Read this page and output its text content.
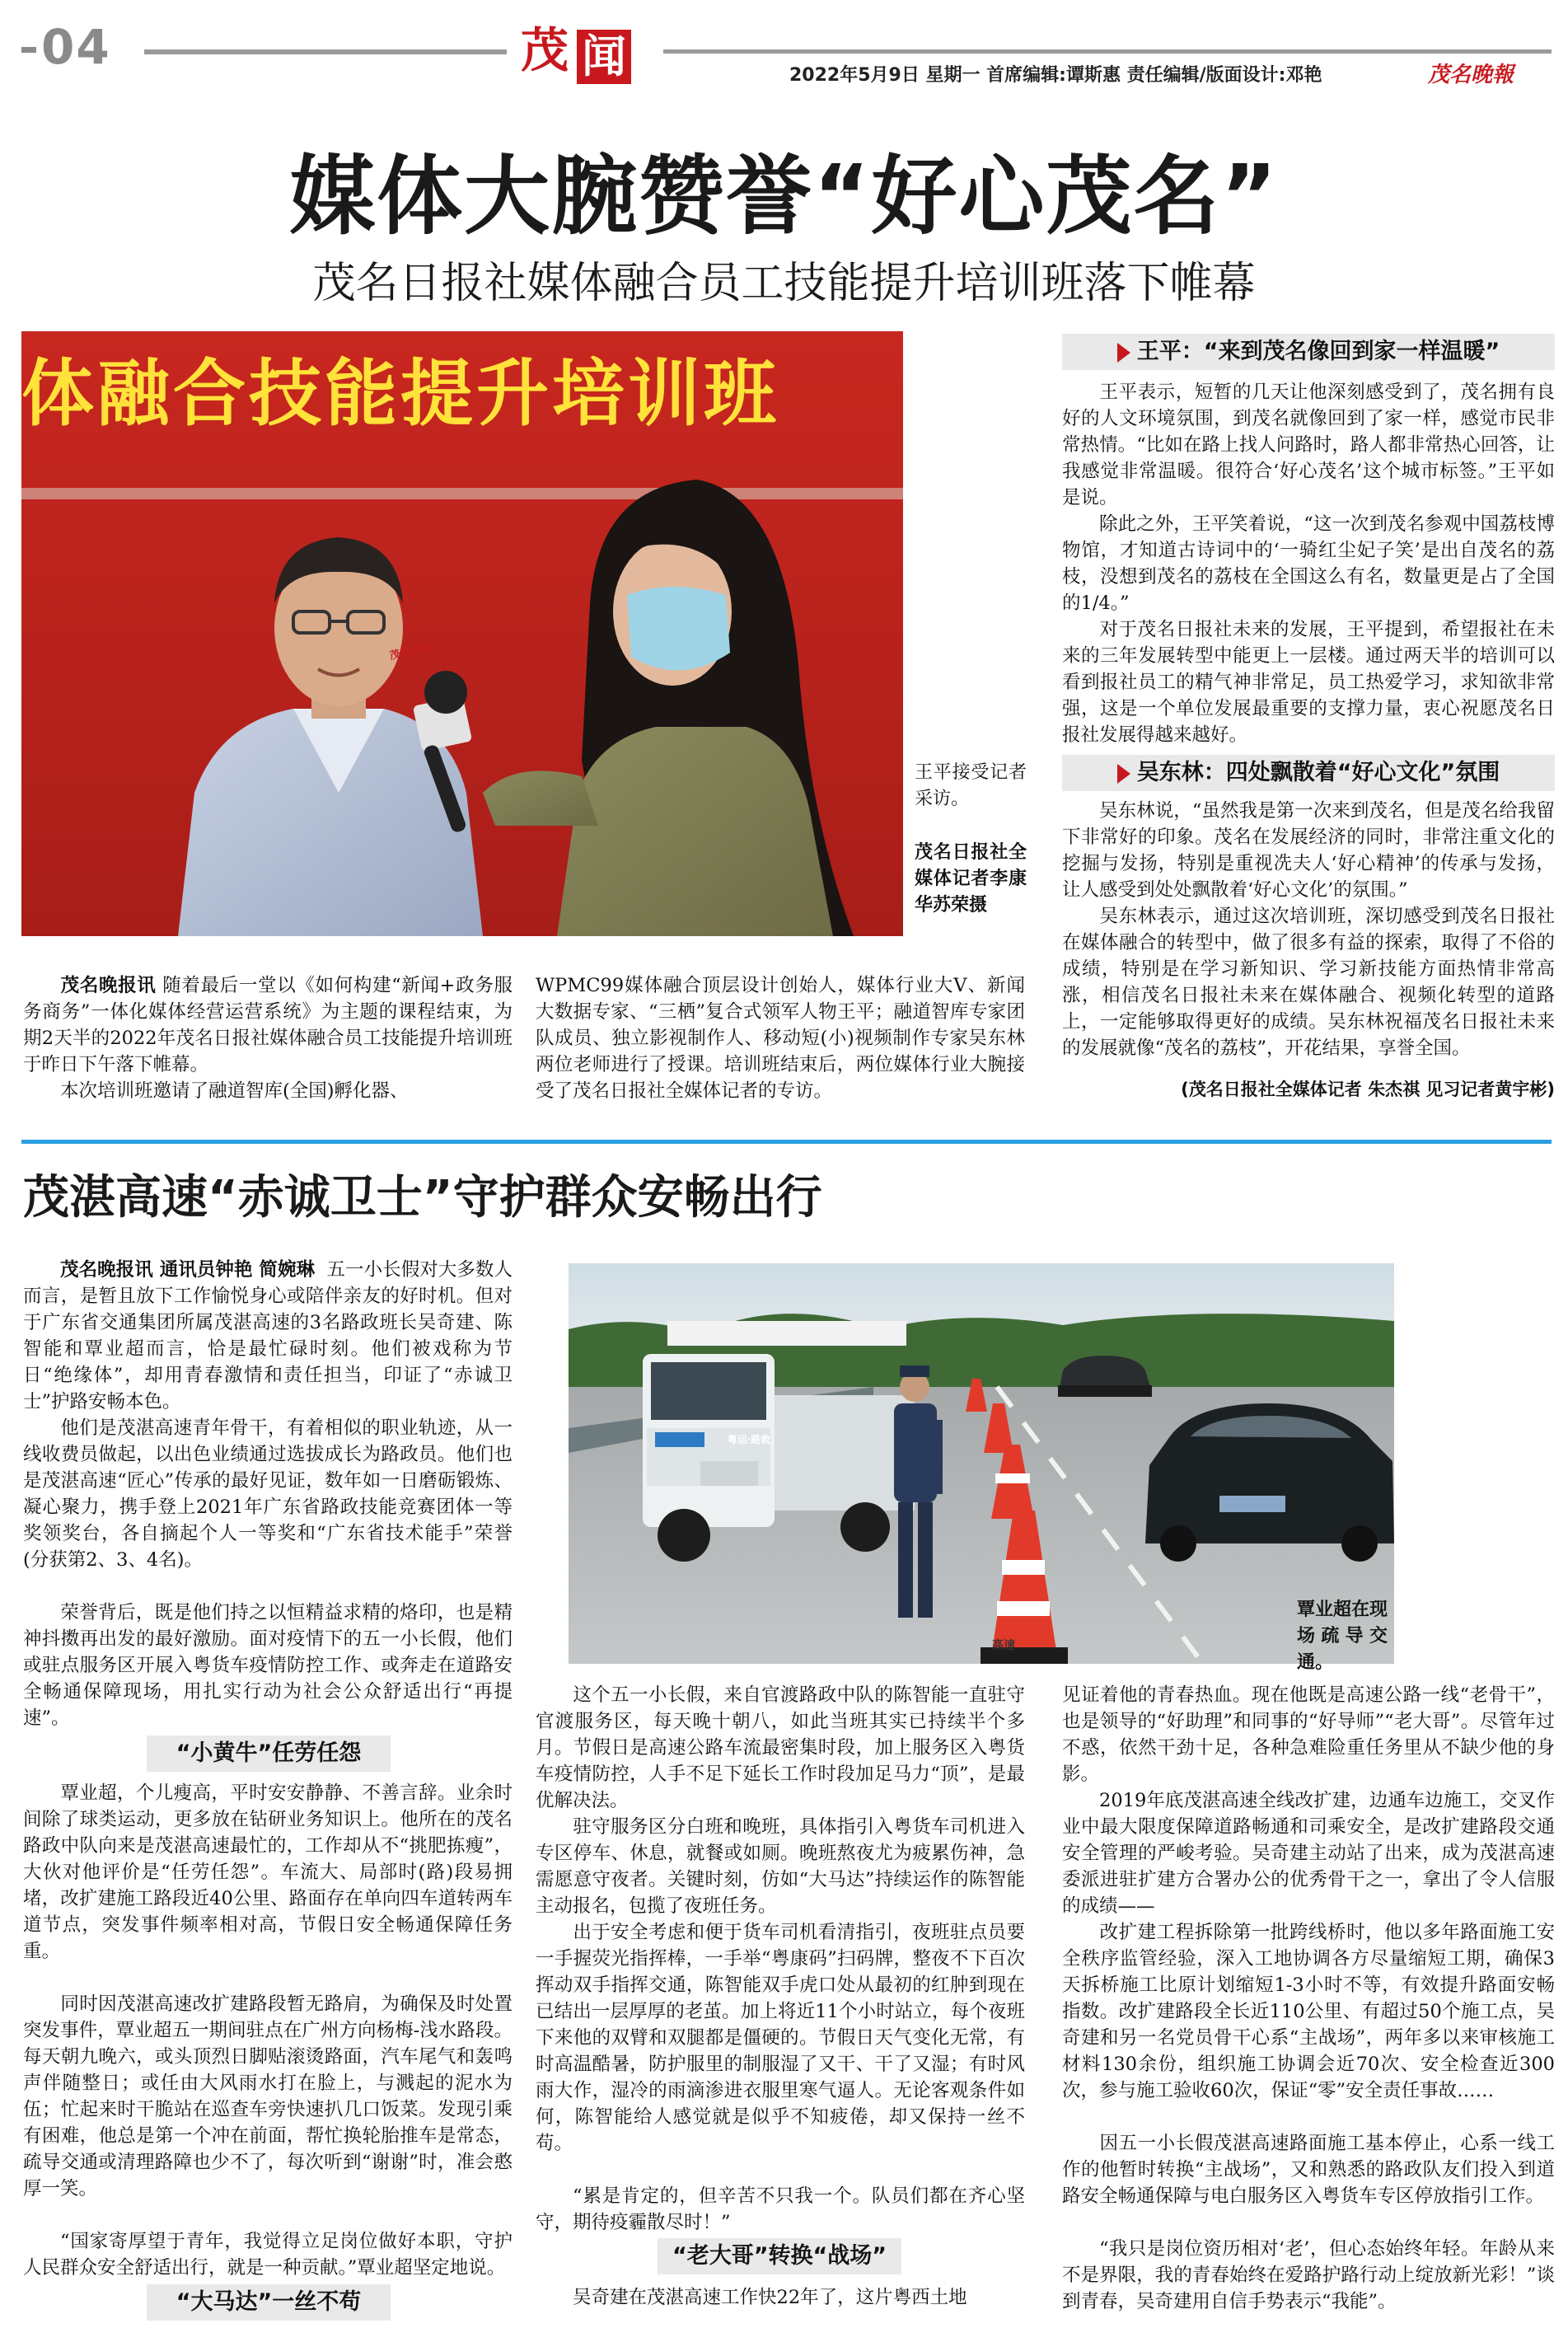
04	茂 闻	2022年5月9日 星期一 首席编辑:谭斯惠 责任编辑/版面设计:邓艳	茂名晚報
媒体大腕赞誉“好心茂名”
茂名日报社媒体融合员工技能提升培训班落下帷幕
体融合技能提升培训班
茂名日报
王平接受记者采访。
茂名日报社全媒体记者李康华苏荣摄

茂名晚报讯 随着最后一堂以《如何构建“新闻+政务服务商务”一体化媒体经营运营系统》为主题的课程结束，为期2天半的2022年茂名日报社媒体融合员工技能提升培训班于昨日下午落下帷幕。

本次培训班邀请了融道智库(全国)孵化器、

WPMC99媒体融合顶层设计创始人，媒体行业大V、新闻大数据专家、“三栖”复合式领军人物王平；融道智库专家团队成员、独立影视制作人、移动短(小)视频制作专家吴东林两位老师进行了授课。培训班结束后，两位媒体行业大腕接受了茂名日报社全媒体记者的专访。

王平：“来到茂名像回到家一样温暖”

王平表示，短暂的几天让他深刻感受到了，茂名拥有良好的人文环境氛围，到茂名就像回到了家一样，感觉市民非常热情。“比如在路上找人问路时，路人都非常热心回答，让我感觉非常温暖。很符合‘好心茂名’这个城市标签。”王平如是说。

除此之外，王平笑着说，“这一次到茂名参观中国荔枝博物馆，才知道古诗词中的‘一骑红尘妃子笑’是出自茂名的荔枝，没想到茂名的荔枝在全国这么有名，数量更是占了全国的1/4。”

对于茂名日报社未来的发展，王平提到，希望报社在未来的三年发展转型中能更上一层楼。通过两天半的培训可以看到报社员工的精气神非常足，员工热爱学习，求知欲非常强，这是一个单位发展最重要的支撑力量，衷心祝愿茂名日报社发展得越来越好。

吴东林：四处飘散着“好心文化”氛围

吴东林说，“虽然我是第一次来到茂名，但是茂名给我留下非常好的印象。茂名在发展经济的同时，非常注重文化的挖掘与发扬，特别是重视冼夫人‘好心精神’的传承与发扬，让人感受到处处飘散着‘好心文化’的氛围。”

吴东林表示，通过这次培训班，深切感受到茂名日报社在媒体融合的转型中，做了很多有益的探索，取得了不俗的成绩，特别是在学习新知识、学习新技能方面热情非常高涨，相信茂名日报社未来在媒体融合、视频化转型的道路上，一定能够取得更好的成绩。吴东林祝福茂名日报社未来的发展就像“茂名的荔枝”，开花结果，享誉全国。

(茂名日报社全媒体记者 朱杰祺 见习记者黄宇彬)
茂湛高速“赤诚卫士”守护群众安畅出行

茂名晚报讯 通讯员钟艳 简婉琳 五一小长假对大多数人而言，是暂且放下工作愉悦身心或陪伴亲友的好时机。但对于广东省交通集团所属茂湛高速的3名路政班长吴奇建、陈智能和覃业超而言，恰是最忙碌时刻。他们被戏称为节日“绝缘体”，却用青春激情和责任担当，印证了“赤诚卫士”护路安畅本色。

他们是茂湛高速青年骨干，有着相似的职业轨迹，从一线收费员做起，以出色业绩通过选拔成长为路政员。他们也是茂湛高速“匠心”传承的最好见证，数年如一日磨砺锻炼、凝心聚力，携手登上2021年广东省路政技能竞赛团体一等奖领奖台，各自摘起个人一等奖和“广东省技术能手”荣誉(分获第2、3、4名)。

荣誉背后，既是他们持之以恒精益求精的烙印，也是精神抖擞再出发的最好激励。面对疫情下的五一小长假，他们或驻点服务区开展入粤货车疫情防控工作、或奔走在道路安全畅通保障现场，用扎实行动为社会公众舒适出行“再提速”。

“小黄牛”任劳任怨

覃业超，个儿瘦高，平时安安静静、不善言辞。业余时间除了球类运动，更多放在钻研业务知识上。他所在的茂名路政中队向来是茂湛高速最忙的，工作却从不“挑肥拣瘦”，大伙对他评价是“任劳任怨”。车流大、局部时(路)段易拥堵，改扩建施工路段近40公里、路面存在单向四车道转两车道节点，突发事件频率相对高，节假日安全畅通保障任务重。

同时因茂湛高速改扩建路段暂无路肩，为确保及时处置突发事件，覃业超五一期间驻点在广州方向杨梅-浅水路段。每天朝九晚六，或头顶烈日脚贴滚烫路面，汽车尾气和轰鸣声伴随整日；或任由大风雨水打在脸上，与溅起的泥水为伍；忙起来时干脆站在巡查车旁快速扒几口饭菜。发现引乘有困难，他总是第一个冲在前面，帮忙换轮胎推车是常态，疏导交通或清理路障也少不了，每次听到“谢谢”时，准会憨厚一笑。

“国家寄厚望于青年，我觉得立足岗位做好本职，守护人民群众安全舒适出行，就是一种贡献。”覃业超坚定地说。

“大马达”一丝不苟
粤运·路救
高速
覃业超在现场疏导交通。

这个五一小长假，来自官渡路政中队的陈智能一直驻守官渡服务区，每天晚十朝八，如此当班其实已持续半个多月。节假日是高速公路车流最密集时段，加上服务区入粤货车疫情防控，人手不足下延长工作时段加足马力“顶”，是最优解决法。

驻守服务区分白班和晚班，具体指引入粤货车司机进入专区停车、休息，就餐或如厕。晚班熬夜尤为疲累伤神，急需愿意守夜者。关键时刻，仿如“大马达”持续运作的陈智能主动报名，包揽了夜班任务。

出于安全考虑和便于货车司机看清指引，夜班驻点员要一手握荧光指挥棒，一手举“粤康码”扫码牌，整夜不下百次挥动双手指挥交通，陈智能双手虎口处从最初的红肿到现在已结出一层厚厚的老茧。加上将近11个小时站立，每个夜班下来他的双臂和双腿都是僵硬的。节假日天气变化无常，有时高温酷暑，防护服里的制服湿了又干、干了又湿；有时风雨大作，湿冷的雨滴渗进衣服里寒气逼人。无论客观条件如何，陈智能给人感觉就是似乎不知疲倦，却又保持一丝不苟。

“累是肯定的，但辛苦不只我一个。队员们都在齐心坚守，期待疫霾散尽时！”

“老大哥”转换“战场”

吴奇建在茂湛高速工作快22年了，这片粤西土地

见证着他的青春热血。现在他既是高速公路一线“老骨干”，也是领导的“好助理”和同事的“好导师”“老大哥”。尽管年过不惑，依然干劲十足，各种急难险重任务里从不缺少他的身影。

2019年底茂湛高速全线改扩建，边通车边施工，交叉作业中最大限度保障道路畅通和司乘安全，是改扩建路段交通安全管理的严峻考验。吴奇建主动站了出来，成为茂湛高速委派进驻扩建方合署办公的优秀骨干之一，拿出了令人信服的成绩——

改扩建工程拆除第一批跨线桥时，他以多年路面施工安全秩序监管经验，深入工地协调各方尽量缩短工期，确保3天拆桥施工比原计划缩短1-3小时不等，有效提升路面安畅指数。改扩建路段全长近110公里、有超过50个施工点，吴奇建和另一名党员骨干心系“主战场”，两年多以来审核施工材料130余份，组织施工协调会近70次、安全检查近300次，参与施工验收60次，保证“零”安全责任事故……

因五一小长假茂湛高速路面施工基本停止，心系一线工作的他暂时转换“主战场”，又和熟悉的路政队友们投入到道路安全畅通保障与电白服务区入粤货车专区停放指引工作。

“我只是岗位资历相对‘老’，但心态始终年轻。年龄从来不是界限，我的青春始终在爱路护路行动上绽放新光彩！”谈到青春，吴奇建用自信手势表示“我能”。
